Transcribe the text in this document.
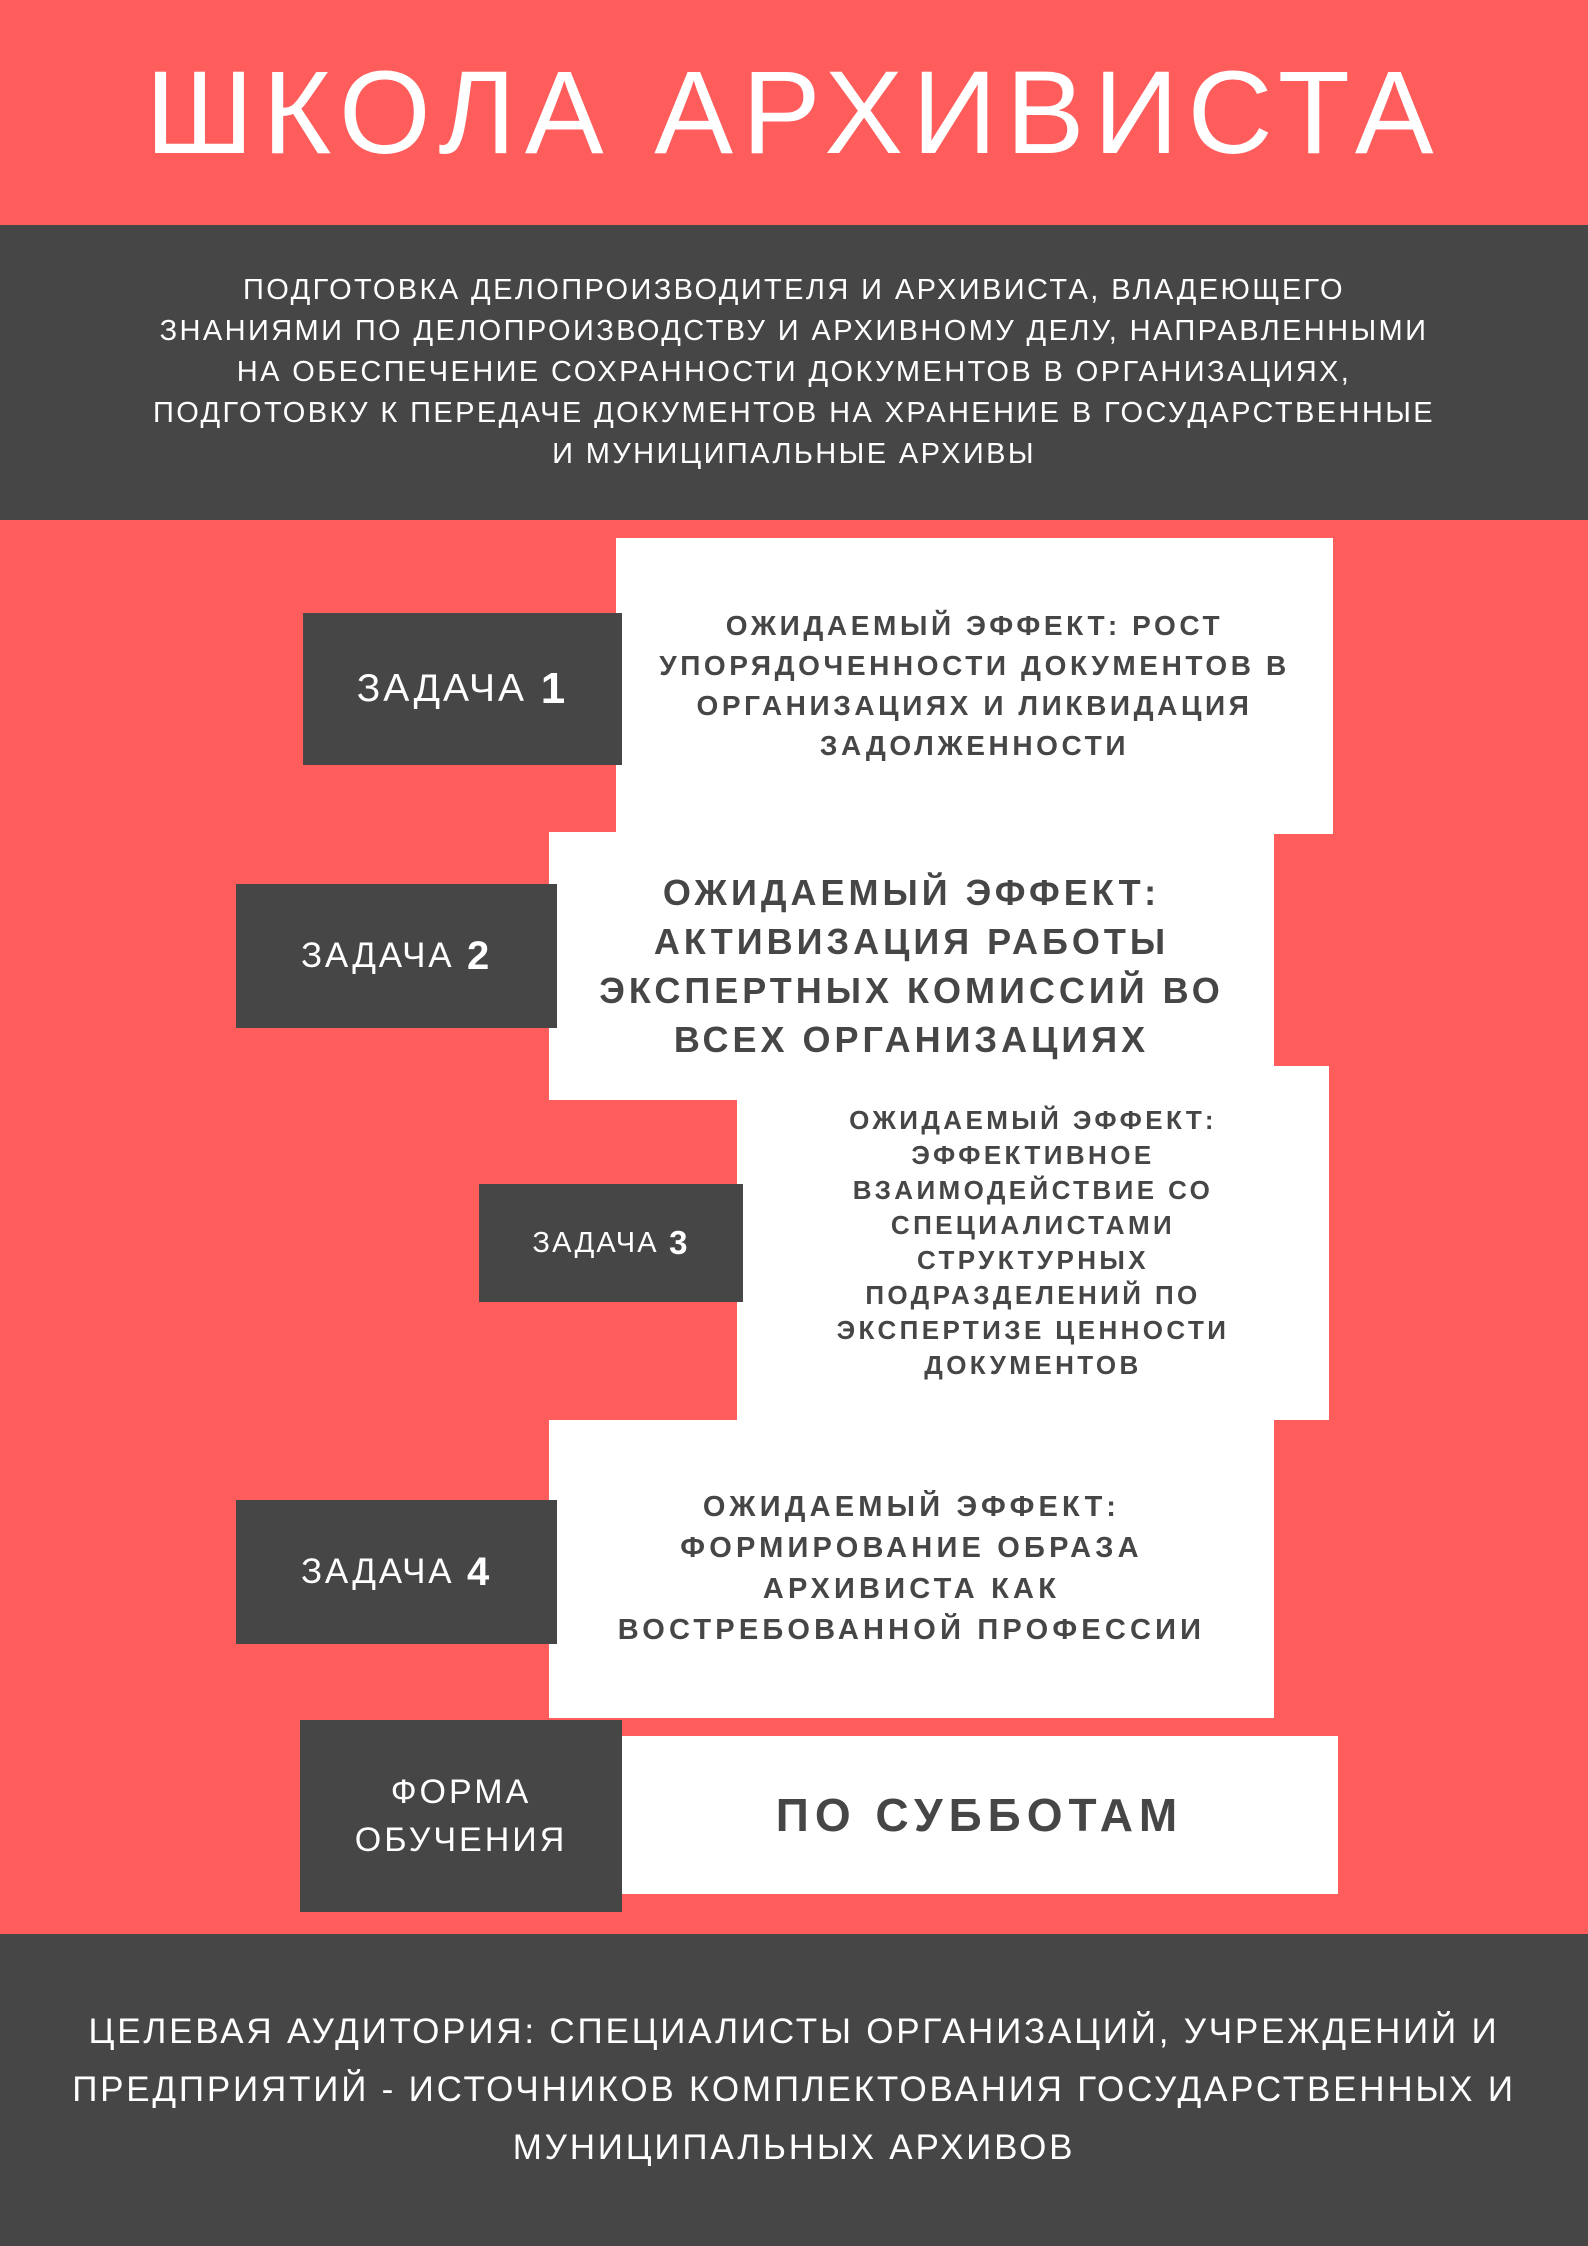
ШКОЛА АРХИВИСТА
ПОДГОТОВКА ДЕЛОПРОИЗВОДИТЕЛЯ И АРХИВИСТА, ВЛАДЕЮЩЕГО ЗНАНИЯМИ ПО ДЕЛОПРОИЗВОДСТВУ И АРХИВНОМУ ДЕЛУ, НАПРАВЛЕННЫМИ НА ОБЕСПЕЧЕНИЕ СОХРАННОСТИ ДОКУМЕНТОВ В ОРГАНИЗАЦИЯХ, ПОДГОТОВКУ К ПЕРЕДАЧЕ ДОКУМЕНТОВ НА ХРАНЕНИЕ В ГОСУДАРСТВЕННЫЕ И МУНИЦИПАЛЬНЫЕ АРХИВЫ
ОЖИДАЕМЫЙ ЭФФЕКТ: РОСТ УПОРЯДОЧЕННОСТИ ДОКУМЕНТОВ В ОРГАНИЗАЦИЯХ И ЛИКВИДАЦИЯ ЗАДОЛЖЕННОСТИ
ЗАДАЧА
1
ОЖИДАЕМЫЙ ЭФФЕКТ: АКТИВИЗАЦИЯ РАБОТЫ ЭКСПЕРТНЫХ КОМИССИЙ ВО ВСЕХ ОРГАНИЗАЦИЯХ
ЗАДАЧА
2
ОЖИДАЕМЫЙ ЭФФЕКТ: ЭФФЕКТИВНОЕ ВЗАИМОДЕЙСТВИЕ СО СПЕЦИАЛИСТАМИ СТРУКТУРНЫХ ПОДРАЗДЕЛЕНИЙ ПО ЭКСПЕРТИЗЕ ЦЕННОСТИ ДОКУМЕНТОВ
ЗАДАЧА
3
ОЖИДАЕМЫЙ ЭФФЕКТ: ФОРМИРОВАНИЕ ОБРАЗА АРХИВИСТА КАК ВОСТРЕБОВАННОЙ ПРОФЕССИИ
ЗАДАЧА
4
ПО СУББОТАМ
ФОРМА ОБУЧЕНИЯ
ЦЕЛЕВАЯ АУДИТОРИЯ: СПЕЦИАЛИСТЫ ОРГАНИЗАЦИЙ, УЧРЕЖДЕНИЙ И ПРЕДПРИЯТИЙ - ИСТОЧНИКОВ КОМПЛЕКТОВАНИЯ ГОСУДАРСТВЕННЫХ И МУНИЦИПАЛЬНЫХ АРХИВОВ
